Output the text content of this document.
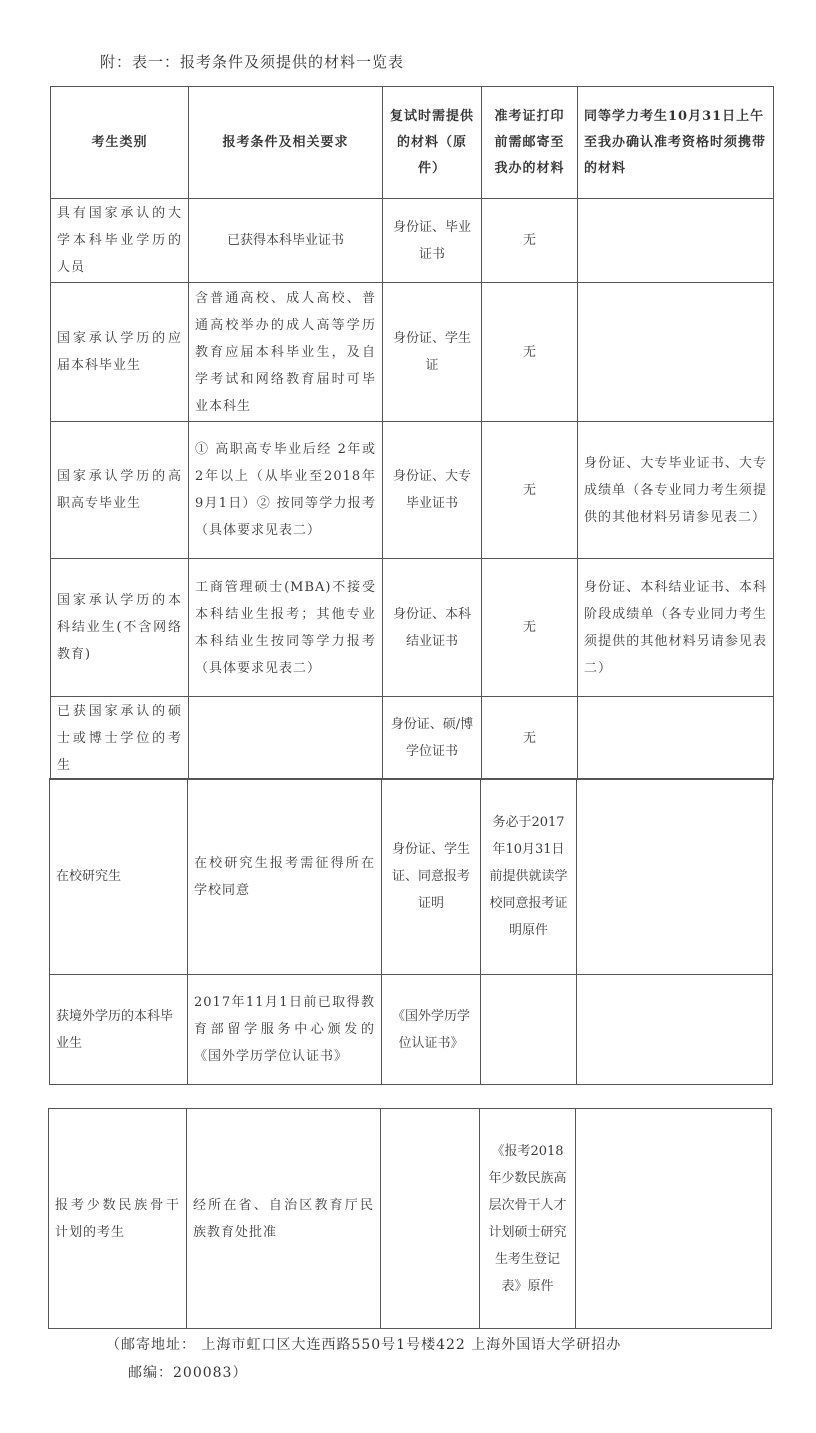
附：表一：报考条件及须提供的材料一览表
考生类别	报考条件及相关要求	复试时需提供的材料（原件）	准考证打印前需邮寄至我办的材料	同等学力考生10月31日上午至我办确认准考资格时须携带的材料
具有国家承认的大学本科毕业学历的人员	已获得本科毕业证书	身份证、毕业证书	无	
国家承认学历的应届本科毕业生	含普通高校、成人高校、普通高校举办的成人高等学历教育应届本科毕业生，及自学考试和网络教育届时可毕业本科生	身份证、学生证	无	
国家承认学历的高职高专毕业生	① 高职高专毕业后经 2年或2年以上（从毕业至2018年9月1日）② 按同等学力报考（具体要求见表二）	身份证、大专毕业证书	无	身份证、大专毕业证书、大专成绩单（各专业同力考生须提供的其他材料另请参见表二）
国家承认学历的本科结业生(不含网络教育)	工商管理硕士(MBA)不接受本科结业生报考；其他专业本科结业生按同等学力报考（具体要求见表二）	身份证、本科结业证书	无	身份证、本科结业证书、本科阶段成绩单（各专业同力考生须提供的其他材料另请参见表二）
已获国家承认的硕士或博士学位的考生		身份证、硕/博学位证书	无	
在校研究生	在校研究生报考需征得所在学校同意	身份证、学生证、同意报考证明	务必于2017年10月31日前提供就读学校同意报考证明原件	
获境外学历的本科毕业生	2017年11月1日前已取得教育部留学服务中心颁发的《国外学历学位认证书》	《国外学历学位认证书》		
报考少数民族骨干计划的考生	经所在省、自治区教育厅民族教育处批准		《报考2018年少数民族高层次骨干人才计划硕士研究生考生登记表》原件	
（邮寄地址： 上海市虹口区大连西路550号1号楼422 上海外国语大学研招办
邮编：200083）
